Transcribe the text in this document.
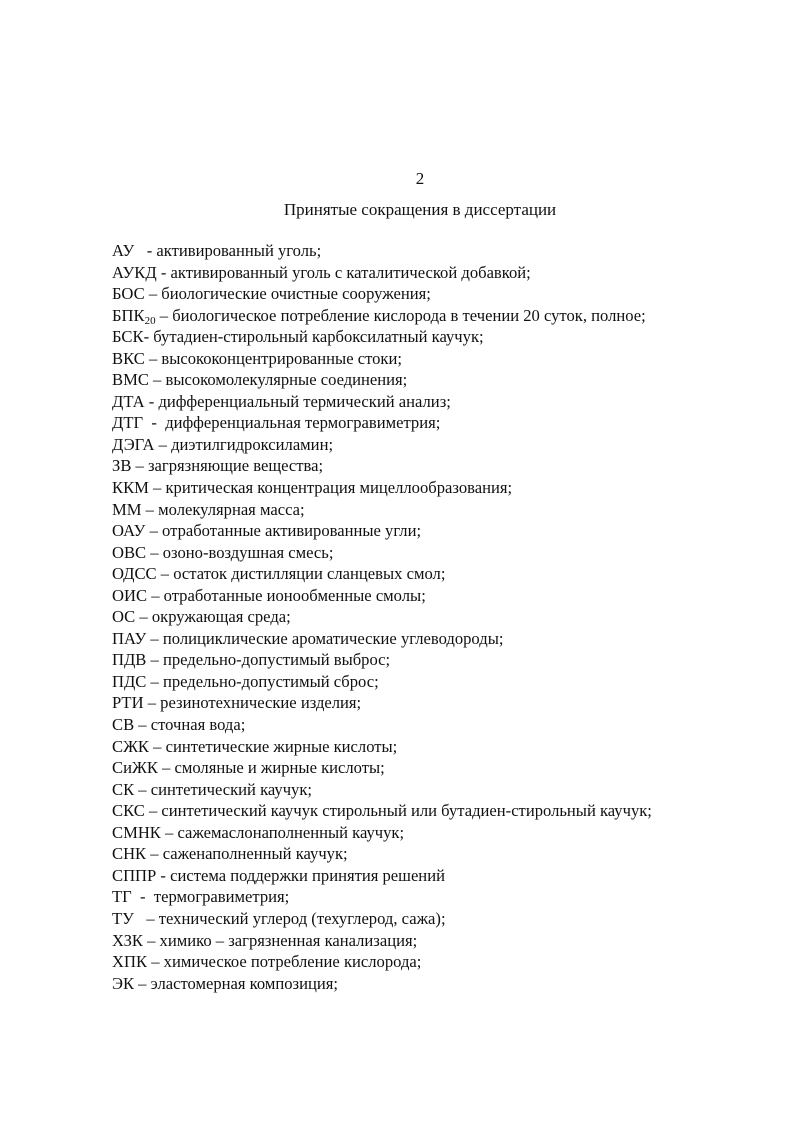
2
Принятые сокращения в диссертации
АУ   - активированный уголь;
АУКД - активированный уголь с каталитической добавкой;
БОС – биологические очистные сооружения;
$БПК_{20}$ – биологическое потребление кислорода в течении 20 суток, полное;
БСК- бутадиен-стирольный карбоксилатный каучук;
ВКС – высококонцентрированные стоки;
ВМС – высокомолекулярные соединения;
ДТА - дифференциальный термический анализ;
ДТГ  -  дифференциальная термогравиметрия;
ДЭГА – диэтилгидроксиламин;
ЗВ – загрязняющие вещества;
ККМ – критическая концентрация мицеллообразования;
ММ – молекулярная масса;
ОАУ – отработанные активированные угли;
ОВС – озоно-воздушная смесь;
ОДСС – остаток дистилляции сланцевых смол;
ОИС – отработанные ионообменные смолы;
ОС – окружающая среда;
ПАУ – полициклические ароматические углеводороды;
ПДВ – предельно-допустимый выброс;
ПДС – предельно-допустимый сброс;
РТИ – резинотехнические изделия;
СВ – сточная вода;
СЖК – синтетические жирные кислоты;
СиЖК – смоляные и жирные кислоты;
СК – синтетический каучук;
СКС – синтетический каучук стирольный или бутадиен-стирольный каучук;
СМНК – сажемаслонаполненный каучук;
СНК – саженаполненный каучук;
СППР - система поддержки принятия решений
ТГ  -  термогравиметрия;
ТУ   – технический углерод (техуглерод, сажа);
ХЗК – химико – загрязненная канализация;
ХПК – химическое потребление кислорода;
ЭК – эластомерная композиция;
